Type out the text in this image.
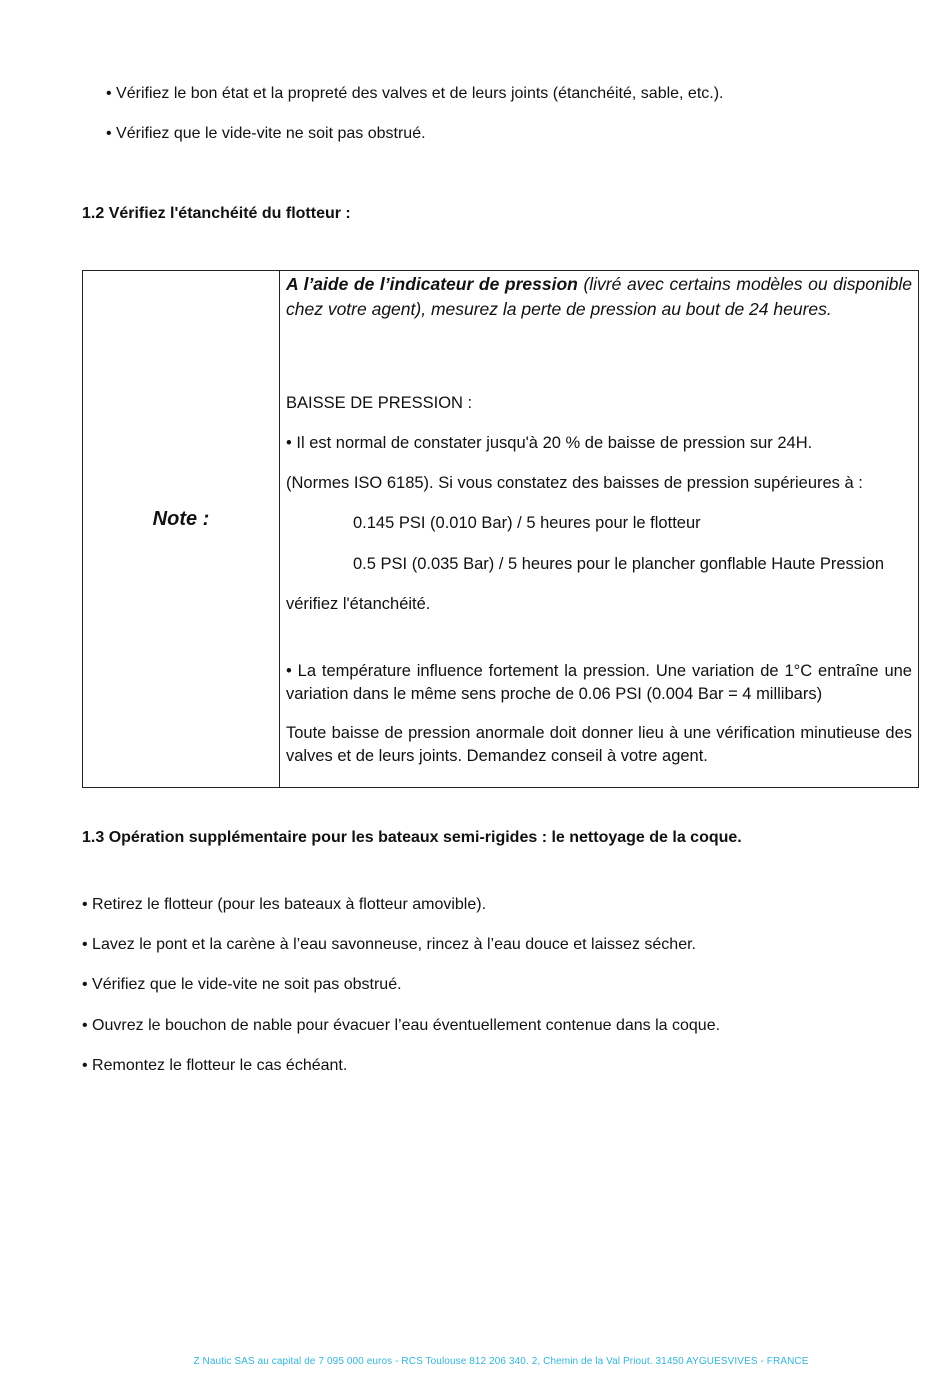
• Vérifiez le bon état et la propreté des valves et de leurs joints (étanchéité, sable, etc.).
• Vérifiez que le vide-vite ne soit pas obstrué.
1.2 Vérifiez l'étanchéité du flotteur :
Note :

A l’aide de l’indicateur de pression (livré avec certains modèles ou disponible chez votre agent), mesurez la perte de pression au bout de 24 heures.
BAISSE DE PRESSION :
• Il est normal de constater jusqu'à 20 % de baisse de pression sur 24H.
(Normes ISO 6185). Si vous constatez des baisses de pression supérieures à :
0.145 PSI (0.010 Bar) / 5 heures pour le flotteur
0.5 PSI (0.035 Bar) / 5 heures pour le plancher gonflable Haute Pression
vérifiez l'étanchéité.
• La température influence fortement la pression. Une variation de 1°C entraîne une variation dans le même sens proche de 0.06 PSI (0.004 Bar = 4 millibars)
Toute baisse de pression anormale doit donner lieu à une vérification minutieuse des valves et de leurs joints. Demandez conseil à votre agent.
1.3 Opération supplémentaire pour les bateaux semi-rigides : le nettoyage de la coque.
• Retirez le flotteur (pour les bateaux à flotteur amovible).
• Lavez le pont et la carène à l’eau savonneuse, rincez à l’eau douce et laissez sécher.
• Vérifiez que le vide-vite ne soit pas obstrué.
• Ouvrez le bouchon de nable pour évacuer l’eau éventuellement contenue dans la coque.
• Remontez le flotteur le cas échéant.
Z Nautic SAS au capital de 7 095 000 euros - RCS Toulouse 812 206 340. 2, Chemin de la Val Priout. 31450 AYGUESVIVES - FRANCE
